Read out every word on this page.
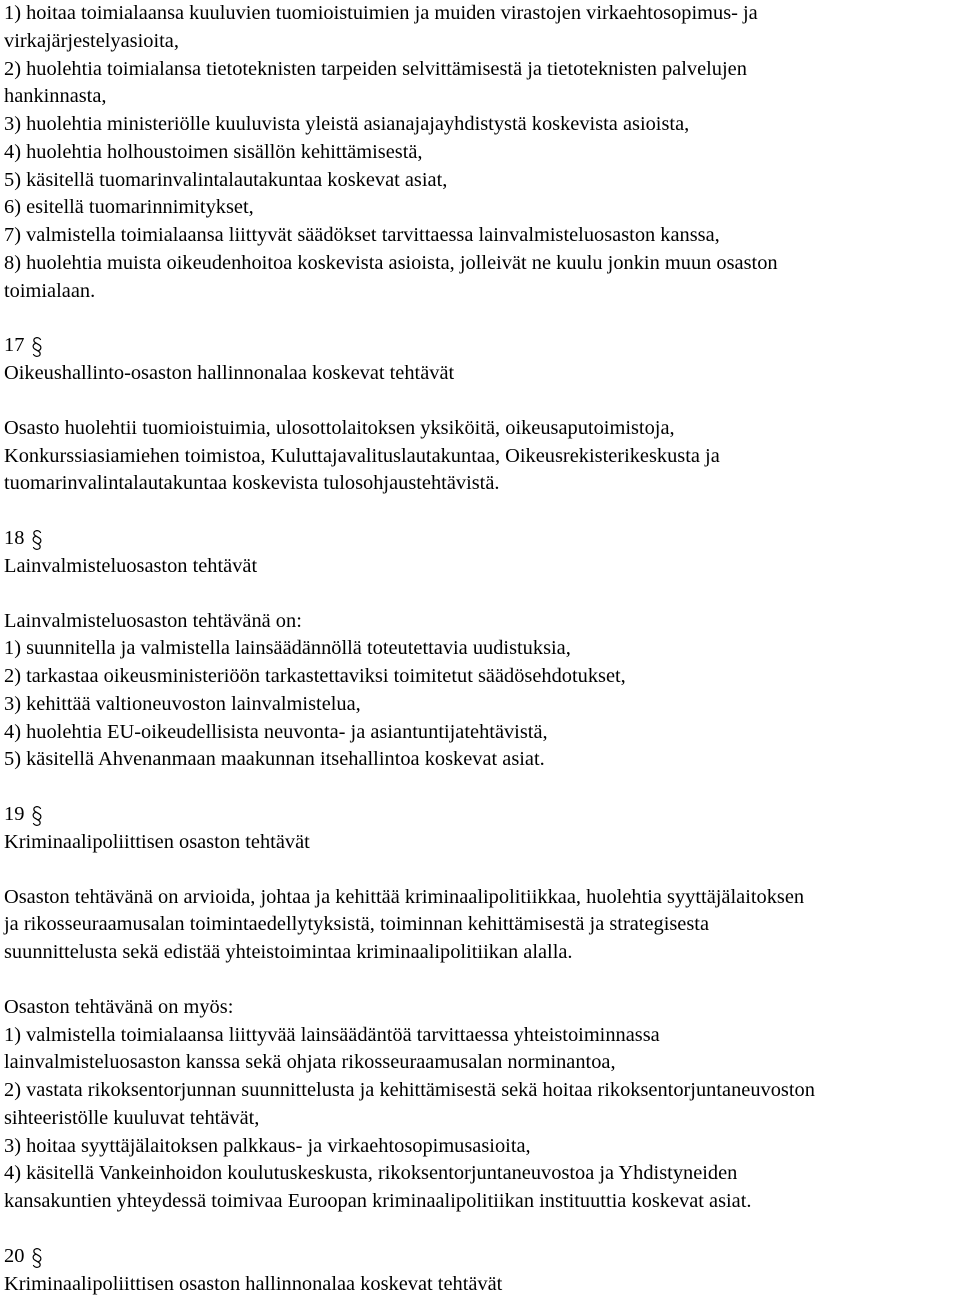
1) hoitaa toimialaansa kuuluvien tuomioistuimien ja muiden virastojen virkaehtosopimus- ja
virkajärjestelyasioita,
2) huolehtia toimialansa tietoteknisten tarpeiden selvittämisestä ja tietoteknisten palvelujen
hankinnasta,
3) huolehtia ministeriölle kuuluvista yleistä asianajajayhdistystä koskevista asioista,
4) huolehtia holhoustoimen sisällön kehittämisestä,
5) käsitellä tuomarinvalintalautakuntaa koskevat asiat,
6) esitellä tuomarinnimitykset,
7) valmistella toimialaansa liittyvät säädökset tarvittaessa lainvalmisteluosaston kanssa,
8) huolehtia muista oikeudenhoitoa koskevista asioista, jolleivät ne kuulu jonkin muun osaston
toimialaan.
17
Oikeushallinto-osaston hallinnonalaa koskevat tehtävät
Osasto huolehtii tuomioistuimia, ulosottolaitoksen yksiköitä, oikeusaputoimistoja,
Konkurssiasiamiehen toimistoa, Kuluttajavalituslautakuntaa, Oikeusrekisterikeskusta ja
tuomarinvalintalautakuntaa koskevista tulosohjaustehtävistä.
18
Lainvalmisteluosaston tehtävät
Lainvalmisteluosaston tehtävänä on:
1) suunnitella ja valmistella lainsäädännöllä toteutettavia uudistuksia,
2) tarkastaa oikeusministeriöön tarkastettaviksi toimitetut säädösehdotukset,
3) kehittää valtioneuvoston lainvalmistelua,
4) huolehtia EU-oikeudellisista neuvonta- ja asiantuntijatehtävistä,
5) käsitellä Ahvenanmaan maakunnan itsehallintoa koskevat asiat.
19
Kriminaalipoliittisen osaston tehtävät
Osaston tehtävänä on arvioida, johtaa ja kehittää kriminaalipolitiikkaa, huolehtia syyttäjälaitoksen
ja rikosseuraamusalan toimintaedellytyksistä, toiminnan kehittämisestä ja strategisesta
suunnittelusta sekä edistää yhteistoimintaa kriminaalipolitiikan alalla.
Osaston tehtävänä on myös:
1) valmistella toimialaansa liittyvää lainsäädäntöä tarvittaessa yhteistoiminnassa
lainvalmisteluosaston kanssa sekä ohjata rikosseuraamusalan norminantoa,
2) vastata rikoksentorjunnan suunnittelusta ja kehittämisestä sekä hoitaa rikoksentorjuntaneuvoston
sihteeristölle kuuluvat tehtävät,
3) hoitaa syyttäjälaitoksen palkkaus- ja virkaehtosopimusasioita,
4) käsitellä Vankeinhoidon koulutuskeskusta, rikoksentorjuntaneuvostoa ja Yhdistyneiden
kansakuntien yhteydessä toimivaa Euroopan kriminaalipolitiikan instituuttia koskevat asiat.
20
Kriminaalipoliittisen osaston hallinnonalaa koskevat tehtävät
